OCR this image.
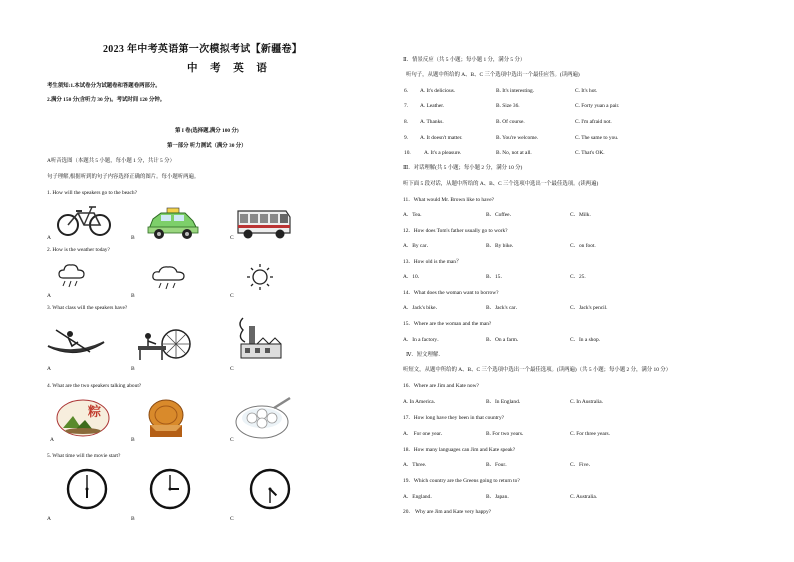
2023 年中考英语第一次模拟考试【新疆卷】
中 考 英 语
考生须知:1.本试卷分为试题卷和答题卷两部分。
2.满分 150 分(含听力 30 分)。考试时间 120 分钟。
第 I 卷(选择题,满分 100 分)
第一部分 听力测试（满分 30 分）
A听音选图（本题共 5 小题，每小题 1 分，共计 5 分）
句子理解,根据听到的句子内容选择正确的图片。每小题听两遍。
1. How will the speakers go to the beach?
A	B	C
2. How is the weather today?
A	B	C
3. What class will the speakers have?
A	B	C
4. What are the two speakers talking about?
粽
A	B	C
5. What time will the movie start?
A	B	C
Ⅱ．情景反应（共 5 小题；每小题 1 分，满分 5 分）
听句子，从题中所给的 A、B、C 三个选项中选出一个最佳应答。(读两遍)
6. A. It's delicious.	B. It's interesting.	C. It's hot.
7. A. Leather.	B. Size 36.	C. Forty yuan a pair.
8. A. Thanks.	B. Of course.	C. I'm afraid not.
9. A. It doesn't matter.	B. You're welcome.	C. The same to you.
10. A. It's a pleasure.	B. No, not at all.	C. That's OK.
Ⅲ．对话理解(共 5 小题；每小题 2 分，满分 10 分)
听下面 5 段对话，从题中所给的 A、B、C 三个选项中选出一个最佳选项。(读两遍)
11．What would Mr. Brown like to have?
A．Tea．	B．Coffee．	C．Milk.
12．How does Tom's father usually go to work?
A．By car．	B．By bike．	C．on foot.
13．How old is the man？
A．10．	B．15．	C．25.
14．What does the woman want to borrow?
A．Jack's bike．	B．Jack's car．	C．Jack's pencil.
15．Where are the woman and the man?
A．In a factory．	B．On a farm．	C．In a shop.
Ⅳ．短文理解．
听短文，从题中所给的 A、B、C 三个选项中选出一个最佳选项。(读两遍)（共 5 小题；每小题 2 分，满分 10 分）
16．Where are Jim and Kate now?
A. In America．	B．In England．	C. In Australia.
17．How long have they been in that country?
A． For one year．	B. For two years．	C. For three years.
18．How many languages can Jim and Kate speak?
A．Three.	B．Four．	C．Five．
19．Which country are the Greens going to return to?
A．England．	B．Japan．	C. Australia.
20． Why are Jim and Kate very happy?
